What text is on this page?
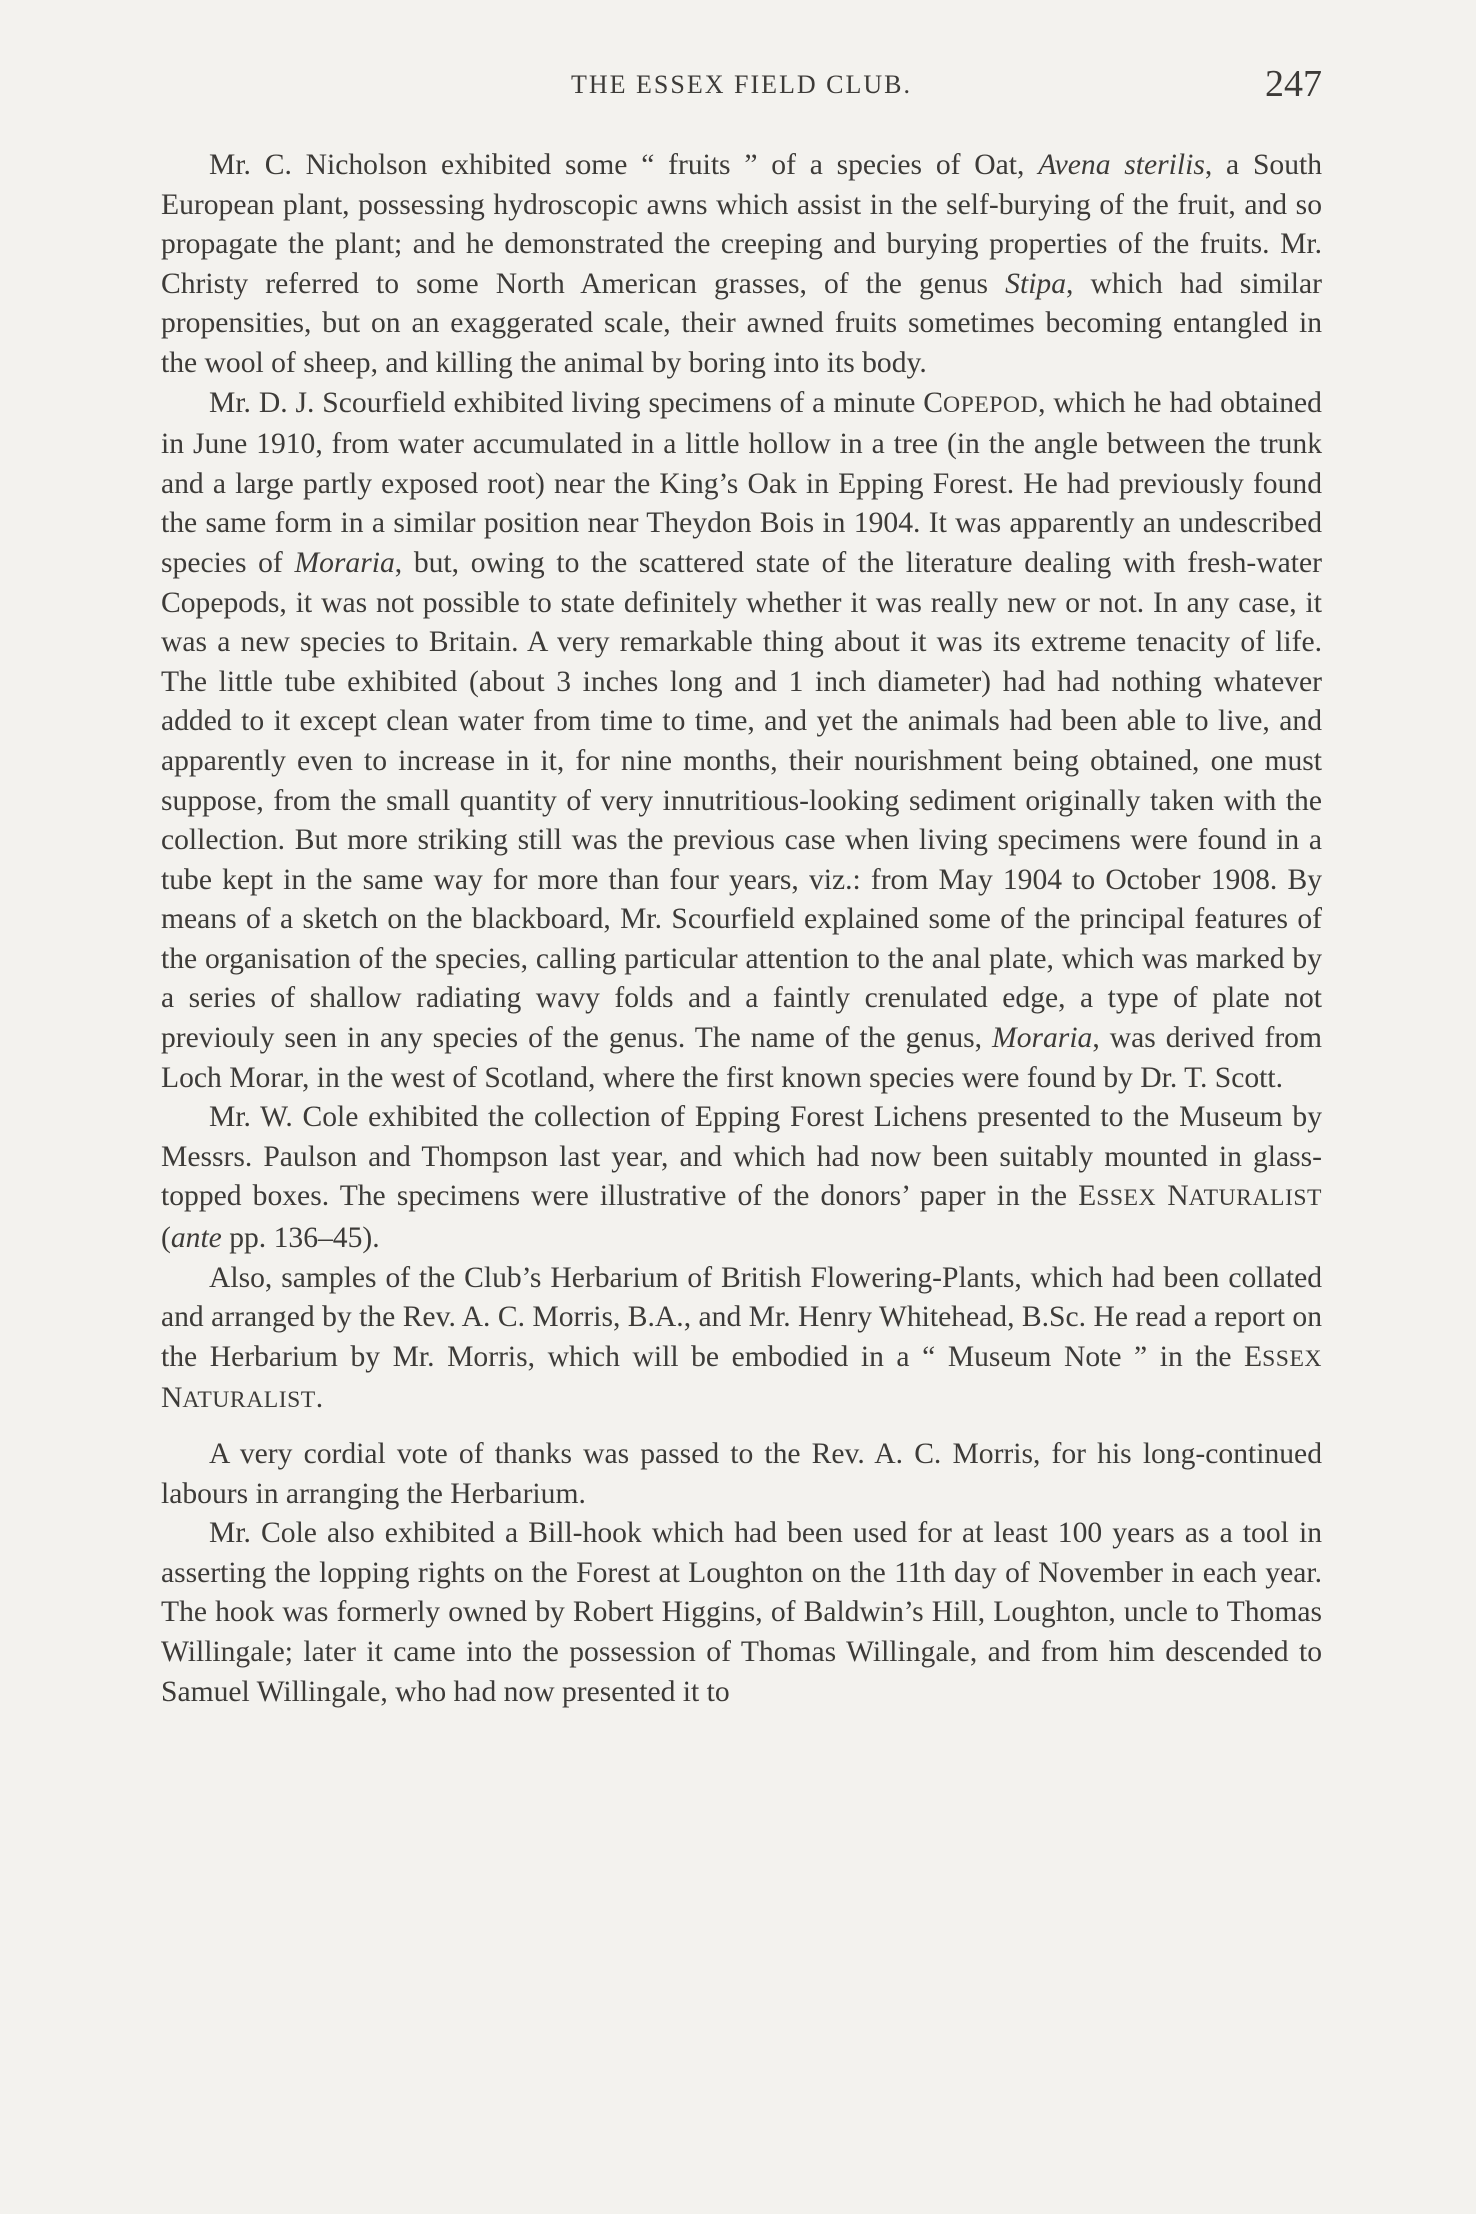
THE ESSEX FIELD CLUB.	247

Mr. C. Nicholson exhibited some “ fruits ” of a species of Oat, Avena sterilis, a South European plant, possessing hydroscopic awns which assist in the self-burying of the fruit, and so propagate the plant; and he demonstrated the creeping and burying properties of the fruits. Mr. Christy referred to some North American grasses, of the genus Stipa, which had similar propensities, but on an exaggerated scale, their awned fruits sometimes becoming entangled in the wool of sheep, and killing the animal by boring into its body.

Mr. D. J. Scourfield exhibited living specimens of a minute COPEPOD, which he had obtained in June 1910, from water accumulated in a little hollow in a tree (in the angle between the trunk and a large partly exposed root) near the King’s Oak in Epping Forest. He had previously found the same form in a similar position near Theydon Bois in 1904. It was apparently an undescribed species of Moraria, but, owing to the scattered state of the literature dealing with fresh-water Copepods, it was not possible to state definitely whether it was really new or not. In any case, it was a new species to Britain. A very remarkable thing about it was its extreme tenacity of life. The little tube exhibited (about 3 inches long and 1 inch diameter) had had nothing whatever added to it except clean water from time to time, and yet the animals had been able to live, and apparently even to increase in it, for nine months, their nourishment being obtained, one must suppose, from the small quantity of very innutritious-looking sediment originally taken with the collection. But more striking still was the previous case when living specimens were found in a tube kept in the same way for more than four years, viz.: from May 1904 to October 1908. By means of a sketch on the blackboard, Mr. Scourfield explained some of the principal features of the organisation of the species, calling particular attention to the anal plate, which was marked by a series of shallow radiating wavy folds and a faintly crenulated edge, a type of plate not previouly seen in any species of the genus. The name of the genus, Moraria, was derived from Loch Morar, in the west of Scotland, where the first known species were found by Dr. T. Scott.

Mr. W. Cole exhibited the collection of Epping Forest Lichens presented to the Museum by Messrs. Paulson and Thompson last year, and which had now been suitably mounted in glass-topped boxes. The specimens were illustrative of the donors’ paper in the ESSEX NATURALIST (ante pp. 136–45).

Also, samples of the Club’s Herbarium of British Flowering-Plants, which had been collated and arranged by the Rev. A. C. Morris, B.A., and Mr. Henry Whitehead, B.Sc. He read a report on the Herbarium by Mr. Morris, which will be embodied in a “ Museum Note ” in the ESSEX NATURALIST.

A very cordial vote of thanks was passed to the Rev. A. C. Morris, for his long-continued labours in arranging the Herbarium.

Mr. Cole also exhibited a Bill-hook which had been used for at least 100 years as a tool in asserting the lopping rights on the Forest at Loughton on the 11th day of November in each year. The hook was formerly owned by Robert Higgins, of Baldwin’s Hill, Loughton, uncle to Thomas Willingale; later it came into the possession of Thomas Willingale, and from him descended to Samuel Willingale, who had now presented it to
